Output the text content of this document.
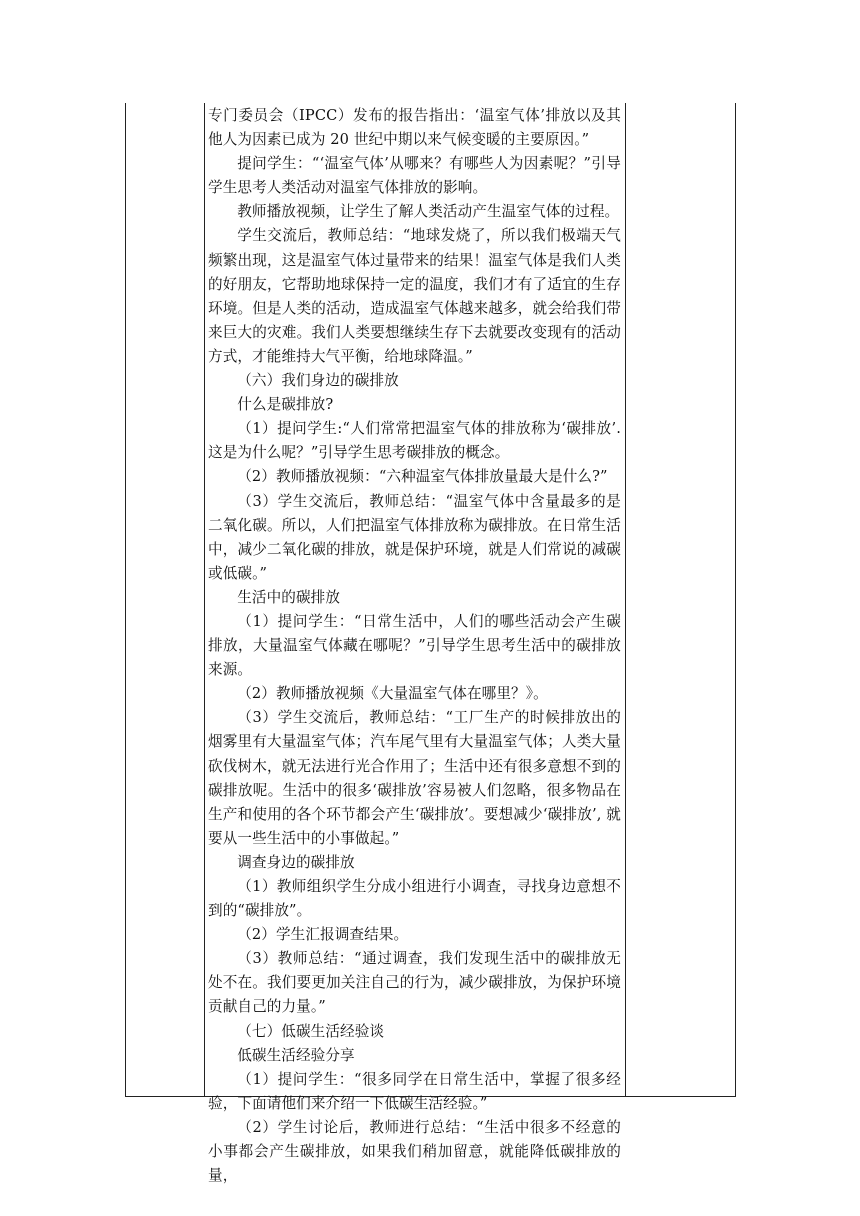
专门委员会（IPCC）发布的报告指出：‘温室气体’排放以及其他人为因素已成为 20 世纪中期以来气候变暖的主要原因。”

提问学生：“‘温室气体’从哪来？有哪些人为因素呢？”引导学生思考人类活动对温室气体排放的影响。

教师播放视频，让学生了解人类活动产生温室气体的过程。

学生交流后，教师总结：“地球发烧了，所以我们极端天气频繁出现，这是温室气体过量带来的结果！温室气体是我们人类的好朋友，它帮助地球保持一定的温度，我们才有了适宜的生存环境。但是人类的活动，造成温室气体越来越多，就会给我们带来巨大的灾难。我们人类要想继续生存下去就要改变现有的活动方式，才能维持大气平衡，给地球降温。”

（六）我们身边的碳排放

什么是碳排放?

（1）提问学生:“人们常常把温室气体的排放称为‘碳排放’. 这是为什么呢？”引导学生思考碳排放的概念。

（2）教师播放视频：“六种温室气体排放量最大是什么?”

（3）学生交流后，教师总结：“温室气体中含量最多的是二氧化碳。所以，人们把温室气体排放称为碳排放。在日常生活中，减少二氧化碳的排放，就是保护环境，就是人们常说的减碳或低碳。”

生活中的碳排放

（1）提问学生：“日常生活中，人们的哪些活动会产生碳排放，大量温室气体藏在哪呢？”引导学生思考生活中的碳排放来源。

（2）教师播放视频《大量温室气体在哪里？》。

（3）学生交流后，教师总结：“工厂生产的时候排放出的烟雾里有大量温室气体；汽车尾气里有大量温室气体；人类大量砍伐树木，就无法进行光合作用了；生活中还有很多意想不到的碳排放呢。生活中的很多‘碳排放’容易被人们忽略，很多物品在生产和使用的各个环节都会产生‘碳排放’。要想减少‘碳排放’, 就要从一些生活中的小事做起。”

调查身边的碳排放

（1）教师组织学生分成小组进行小调查，寻找身边意想不到的“碳排放”。

（2）学生汇报调查结果。

（3）教师总结：“通过调查，我们发现生活中的碳排放无处不在。我们要更加关注自己的行为，减少碳排放，为保护环境贡献自己的力量。”

（七）低碳生活经验谈

低碳生活经验分享

（1）提问学生：“很多同学在日常生活中，掌握了很多经验，下面请他们来介绍一下低碳生活经验。”

（2）学生讨论后，教师进行总结：“生活中很多不经意的小事都会产生碳排放，如果我们稍加留意，就能降低碳排放的量，
